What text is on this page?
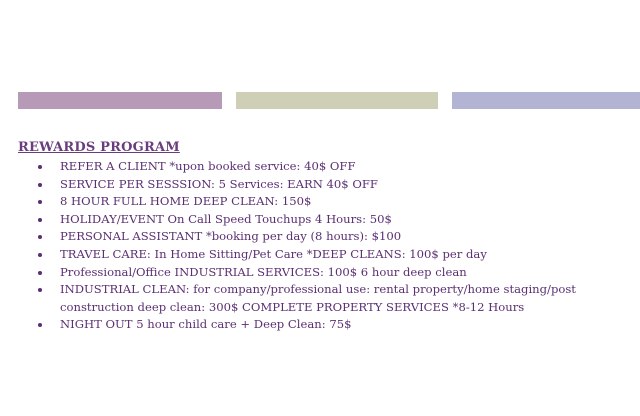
REWARDS PROGRAM
REFER A CLIENT *upon booked service: 40$ OFF
SERVICE PER SESSSION: 5 Services: EARN 40$ OFF
8 HOUR FULL HOME DEEP CLEAN: 150$
HOLIDAY/EVENT On Call Speed Touchups 4 Hours: 50$
PERSONAL ASSISTANT *booking per day (8 hours): $100
TRAVEL CARE: In Home Sitting/Pet Care *DEEP CLEANS: 100$ per day
Professional/Office INDUSTRIAL SERVICES: 100$ 6 hour deep clean
INDUSTRIAL CLEAN: for company/professional use: rental property/home staging/post
construction deep clean: 300$ COMPLETE PROPERTY SERVICES *8-12 Hours
NIGHT OUT 5 hour child care + Deep Clean: 75$
